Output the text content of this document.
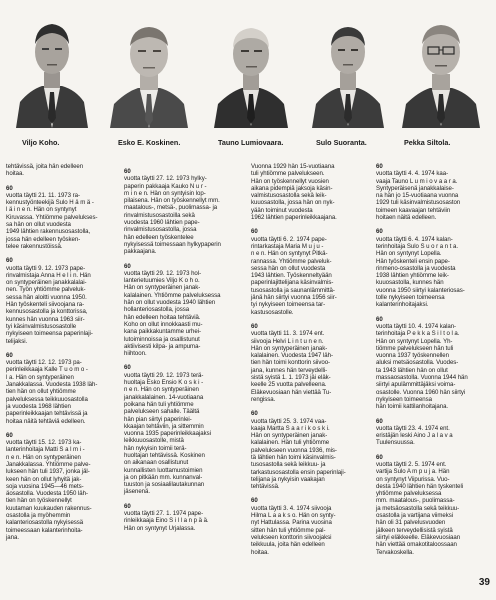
Viljo Koho.	Esko E. Koskinen.	Tauno Lumiovaara.	Sulo Suoranta.	Pekka Siltola.
tehtävissä, joita hän edelleen
hoitaa.
60
vuotta täytti 21. 11. 1973 ra-
kennustyönteekijä Sulo H ä m ä -
l ä i n e n. Hän on syntynyt
Kiruvassa. Yhtiömme palvelukses-
sa hän on ollut vuodesta
1949 lähtien rakennusosastolla,
jossa hän edelleen työsken-
telee rakennustöissä.
60
vuotta täytti 9. 12. 1973 pape-
rinvalmistaja Anna H e l i n. Hän
on syntyperäinen janakkalalai-
nen. Työn yhtiömme palveluk-
sessa hän aloitti vuonna 1950.
Hän työskenteli siivoojana ra-
kennusosastolla ja konttorissa,
kunnes hän vuonna 1963 siir-
tyi käsinvalmistusosastolle
nykyiseen toimeensa paperinlaji-
telijaksi.
60
vuotta täytti 12. 12. 1973 pa-
perinleikkaaja Kalle T u o m o -
l a. Hän on syntyperäinen
Janakkalassa. Vuodesta 1938 läh-
tien hän on ollut yhtiömme
palveluksessa teikkuuosastolla
ja vuodesta 1968 lähtien
paperinleikkaajan tehtävissä ja
hoitaa näitä tehtäviä edelleen.
60
vuotta täytti 15. 12. 1973 ka-
lanterinhoitaja Matti S a l m i -
n e n. Hän on syntyperäinen
Janakkalassa. Yhtiömme palve-
lukseen hän tuli 1937, jonka jäl-
keen hän on ollut lyhyitä jak-
soja vuosina 1945—46 mets-
äosastolla. Vuodesta 1950 läh-
tien hän on työskennellyt
kuutaman kuukauden rakennus-
osastolla ja myöhemmin
kalanteriosastolla nykyisessä
toimeessaan kalanterinhoita-
jana.
60
vuotta täytti 27. 12. 1973 hylky-
paperin pakkaaja Kauko N u r -
m i n e n. Hän on syntyisin lop-
pilaisena. Hän on työskennellyt mm.
maatalous-, metsä-, puolimassa- ja
rinvalmistusosastoilla sekä
vuodesta 1960 lähtien pape-
rinvalmistusosastolla, jossa
hän edelleen työskentelee
nykyisessä toimessaan hylkypaperin
pakkaajana.
60
vuotta täytti 29. 12. 1973 hol-
lanterietuumies Viljo K o h o.
Hän on syntyperäinen janak-
kalalainen. Yhtiömme palveluksessa
hän on ollut vuodesta 1940 lähtien
hollanteriosastolla, jossa
hän edelleen hoitaa tehtäviä.
Koho on ollut innokkaasti mu-
kana paikkakuntamme urhei-
lutoiminnoissa ja osallistunut
aktiivisesti kilpa- ja ampuma-
hiihtoon.
60
vuotta täytti 29. 12. 1973 terä-
huoltaja Esko Ensio K o s k i -
n e n. Hän on syntyperäinen
janakkalalainen. 14-vuotiaana
poikana hän tuli yhtiömme
palvelukseen sahalle. Täältä
hän pian siirtyi paperinlei-
kkaajan tehtäviin, ja sittemmin
vuonna 1935 paperinleikkaajaksi
leikkuuosastolle, mistä
hän nykyisin toimii terä-
huoltajan tehtävissä. Koskinen
on aikanaan osallistunut
kunnallisten luottamustoimien
ja on pitkään mm. kunnanval-
tuuston ja sosiaalilautakunnan
jäsenenä.
60
vuotta täytti 27. 1. 1974 pape-
rinleikkaaja Eino S i l l a n p ä ä.
Hän on syntynyt Urjalassa.
Vuonna 1929 hän 15-vuotiaana
tuli yhtiömme palvelukseen.
Hän on työskennellyt vuosien
aikana pidempiä jaksoja käsin-
valmistusosastolla sekä leik-
kuuosastolla, jossa hän on nyk-
yään toiminut vuodesta
1962 lähtien paperinleikkaajana.
60
vuotta täytti 6. 2. 1974 pape-
rintarkastaja Maria M u j u -
n e n. Hän on syntynyt Pitkä-
rannassa. Yhtiömme palveluk-
sessa hän on ollut vuodesta
1943 lähtien. Työskenneltyään
paperinlajittelijana käsinvalmis-
tusosastolla ja saunanlämmittä-
jänä hän siirtyi vuonna 1956 siir-
tyi nykyiseen toimeensa tar-
kastusosastolle.
60
vuotta täytti 11. 3. 1974 ent.
siivooja Helvi L i n t u n e n.
Hän on syntyperäinen janak-
kalalainen. Vuodesta 1947 läh-
tien hän toimi konttorin siivoo-
jana, kunnes hän terveydelli-
sistä syistä 1. 1. 1973 jäi eläk-
keelle 25 vuotta palvelleena.
Eläkevuosiaan hän viettää Tu-
rengissa.
60
vuotta täytti 25. 3. 1974 vaa-
kaaja Martta S a a r i k o s k i.
Hän on syntyperäinen janak-
kalalainen. Hän tuli yhtiömme
palvelukseen vuonna 1936, mis-
tä lähtien hän toimi käsinvalmis-
tusosastolla sekä leikkuu- ja
tarkastusosastolla ensin paperinlaji-
telijana ja nykyisin vaakajan
tehtävissä.
60
vuotta täytti 3. 4. 1974 siivooja
Hilma L a a k s o. Hän on synty-
nyt Hattulassa. Parina vuosina
sitten hän tuli yhtiömme pal-
velukseen konttorin siivoojaksi
teikkuula, joita hän edelleen
hoitaa.
60
vuotta täytti 4. 4. 1974 kaa-
vaaja Tauno L u m i o v a a r a.
Syntyperäisenä janakkalaise-
na hän jo 15-vuotiaana vuonna
1929 tuli käsinvalmistusosaston
toimeen kaavaajan tehtäviin
hoitaen näitä edelleen.
60
vuotta täytti 6. 4. 1974 kalan-
terinhoitaja Sulo S u o r a n t a.
Hän on syntynyt Lopella.
Hän työskenteli ensin pape-
rinmeno-osastolla ja vuodesta
1938 lähtien yhtiömme leik-
kuuosastolla, kunnes hän
vuonna 1950 siirtyi kalanteriosas-
tolle nykyiseen toimeensa
kalanterinhoitajaksi.
60
vuotta täytti 10. 4. 1974 kalan-
terinhoitaja P e k k a S i l t o l a.
Hän on syntynyt Lopella. Yh-
tiömme palvelukseen hän tuli
vuonna 1937 työskennellen
aluksi metsäosastolla. Vuodes-
ta 1943 lähtien hän on ollut
massaosastolla. Vuonna 1944 hän
siirtyi apulämmittäjäksi voima-
osastolle. Vuonna 1960 hän siirtyi
nykyiseen toimeensa
hän toimii kattilanhoitajana.
60
vuotta täytti 23. 4. 1974 ent.
eristäjän leski Aino J a l a v a
Tuulensuussa.
60
vuotta täytti 2. 5. 1974 ent.
vartija Sulo A m p u j a. Hän
on syntynyt Viipurissa. Vuo-
desta 1940 lähtien hän tyskenteli
yhtiömme palveluksessa
mm. maatalous-, puolimassa-
ja metsäosastolla sekä teikkuu-
osastolla ja vartijana viimeksi
hän oli 31 palvelusvuoden
jälkeen terveydellisistä syistä
siirtyi eläkkeelle. Eläkevuosiaan
hän viettää omakotitaloossaan
Tervakoskella.
39
